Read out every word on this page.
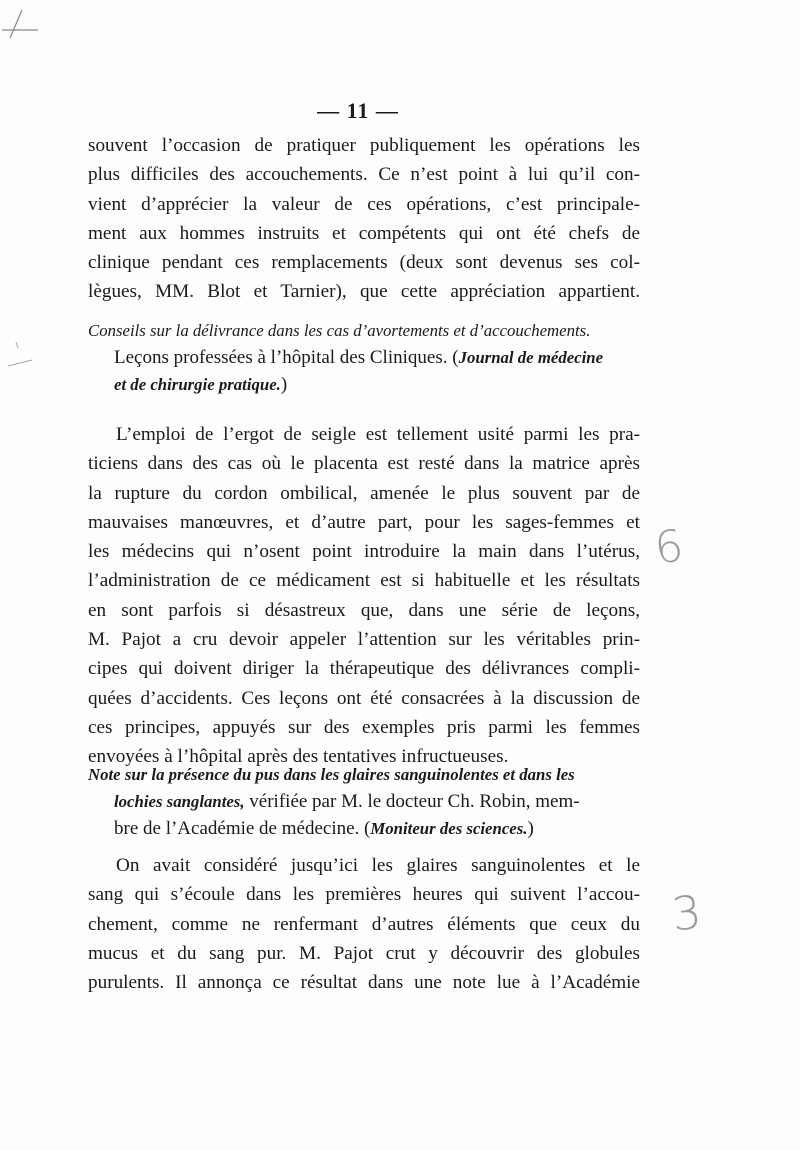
— 11 —
souvent l’occasion de pratiquer publiquement les opérations les
plus difficiles des accouchements. Ce n’est point à lui qu’il con-
vient d’apprécier la valeur de ces opérations, c’est principale-
ment aux hommes instruits et compétents qui ont été chefs de
clinique pendant ces remplacements (deux sont devenus ses col-
lègues, MM. Blot et Tarnier), que cette appréciation appartient.
Conseils sur la délivrance dans les cas d’avortements et d’accouchements.
Leçons professées à l’hôpital des Cliniques. (Journal de médecine
et de chirurgie pratique.)
L’emploi de l’ergot de seigle est tellement usité parmi les pra-
ticiens dans des cas où le placenta est resté dans la matrice après
la rupture du cordon ombilical, amenée le plus souvent par de
mauvaises manœuvres, et d’autre part, pour les sages-femmes et
les médecins qui n’osent point introduire la main dans l’utérus,
l’administration de ce médicament est si habituelle et les résultats
en sont parfois si désastreux que, dans une série de leçons,
M. Pajot a cru devoir appeler l’attention sur les véritables prin-
cipes qui doivent diriger la thérapeutique des délivrances compli-
quées d’accidents. Ces leçons ont été consacrées à la discussion de
ces principes, appuyés sur des exemples pris parmi les femmes
envoyées à l’hôpital après des tentatives infructueuses.
Note sur la présence du pus dans les glaires sanguinolentes et dans les
lochies sanglantes, vérifiée par M. le docteur Ch. Robin, mem-
bre de l’Académie de médecine. (Moniteur des sciences.)
On avait considéré jusqu’ici les glaires sanguinolentes et le
sang qui s’écoule dans les premières heures qui suivent l’accou-
chement, comme ne renfermant d’autres éléments que ceux du
mucus et du sang pur. M. Pajot crut y découvrir des globules
purulents. Il annonça ce résultat dans une note lue à l’Académie
6
3
